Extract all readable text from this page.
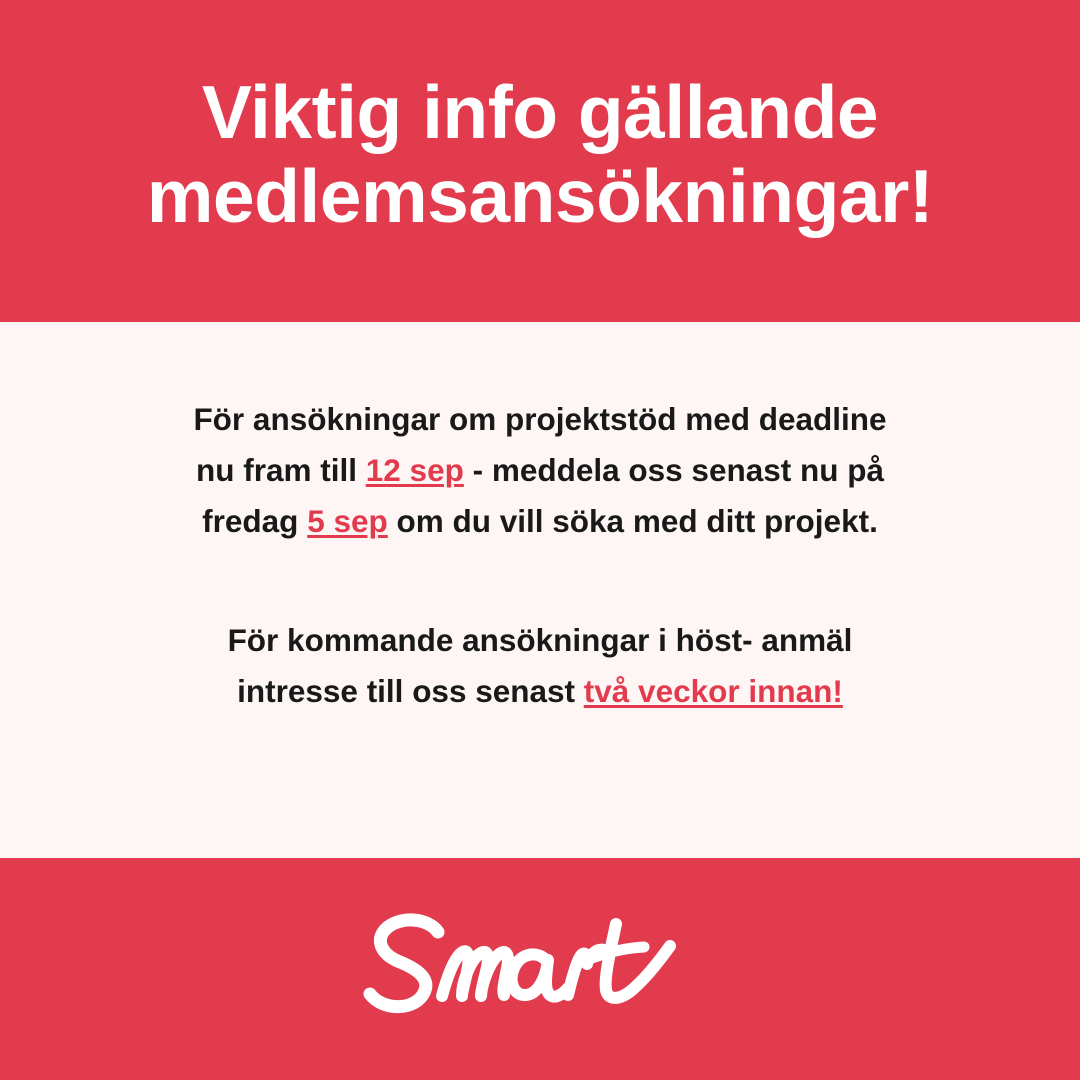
Viktig info gällande medlemsansökningar!

För ansökningar om projektstöd med deadline nu fram till 12 sep - meddela oss senast nu på fredag 5 sep om du vill söka med ditt projekt.

För kommande ansökningar i höst- anmäl intresse till oss senast två veckor innan!
